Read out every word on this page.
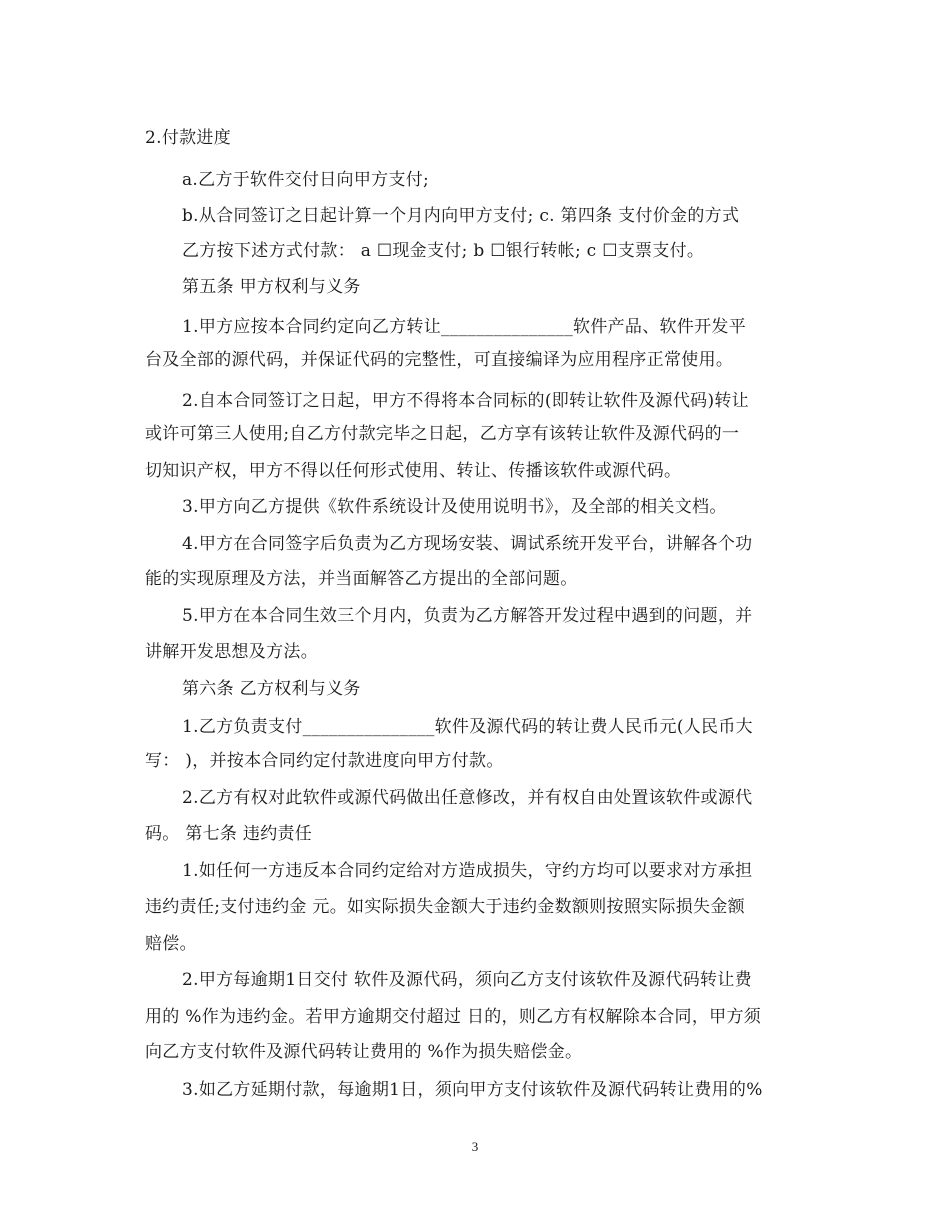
2.付款进度
a.乙方于软件交付日向甲方支付;
b.从合同签订之日起计算一个月内向甲方支付; c. 第四条 支付价金的方式
乙方按下述方式付款： a ☐现金支付; b ☐银行转帐; c ☐支票支付。
第五条 甲方权利与义务
1.甲方应按本合同约定向乙方转让_______________软件产品、软件开发平
台及全部的源代码，并保证代码的完整性，可直接编译为应用程序正常使用。
2.自本合同签订之日起，甲方不得将本合同标的(即转让软件及源代码)转让
或许可第三人使用;自乙方付款完毕之日起，乙方享有该转让软件及源代码的一
切知识产权，甲方不得以任何形式使用、转让、传播该软件或源代码。
3.甲方向乙方提供《软件系统设计及使用说明书》，及全部的相关文档。
4.甲方在合同签字后负责为乙方现场安装、调试系统开发平台，讲解各个功
能的实现原理及方法，并当面解答乙方提出的全部问题。
5.甲方在本合同生效三个月内，负责为乙方解答开发过程中遇到的问题，并
讲解开发思想及方法。
第六条 乙方权利与义务
1.乙方负责支付_______________软件及源代码的转让费人民币元(人民币大
写： )，并按本合同约定付款进度向甲方付款。
2.乙方有权对此软件或源代码做出任意修改，并有权自由处置该软件或源代
码。 第七条 违约责任
1.如任何一方违反本合同约定给对方造成损失，守约方均可以要求对方承担
违约责任;支付违约金 元。如实际损失金额大于违约金数额则按照实际损失金额
赔偿。
2.甲方每逾期1日交付 软件及源代码，须向乙方支付该软件及源代码转让费
用的 %作为违约金。若甲方逾期交付超过 日的，则乙方有权解除本合同，甲方须
向乙方支付软件及源代码转让费用的 %作为损失赔偿金。
3.如乙方延期付款，每逾期1日，须向甲方支付该软件及源代码转让费用的%
3
